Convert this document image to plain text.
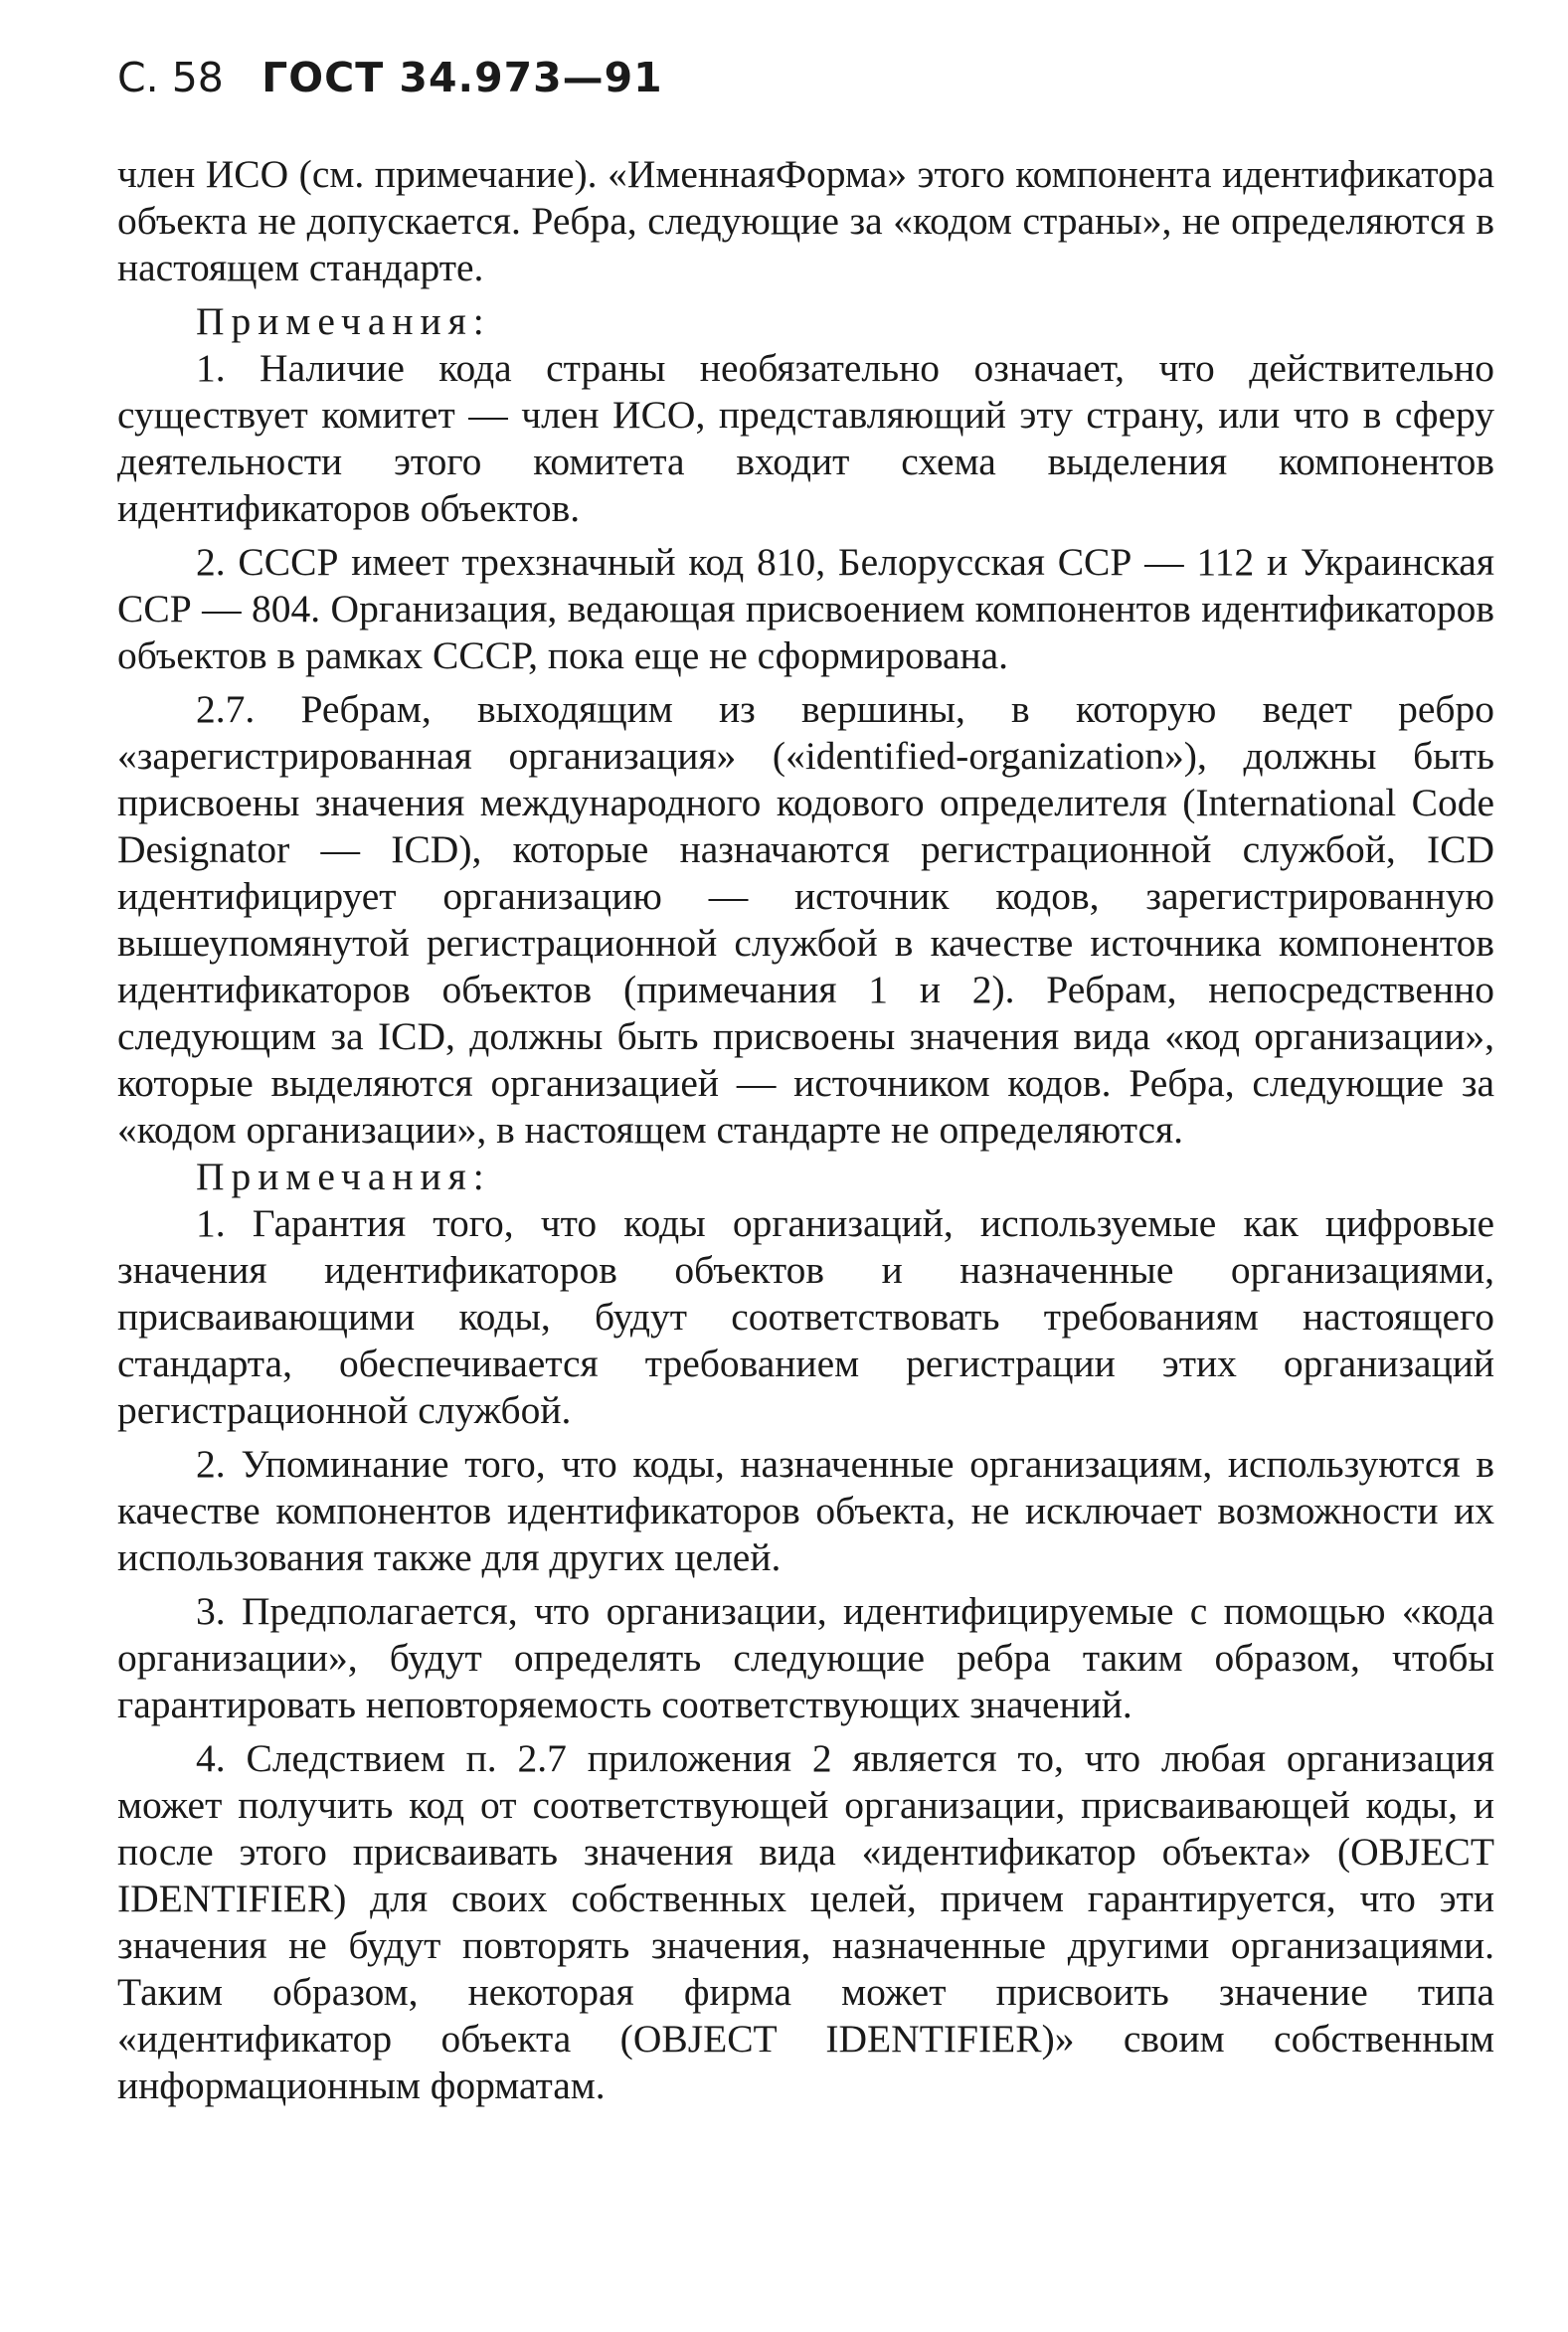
С. 58 ГОСТ 34.973—91

член ИСО (см. примечание). «ИменнаяФорма» этого компонента идентификатора объекта не допускается. Ребра, следующие за «кодом страны», не определяются в настоящем стандарте.

Примечания:

1. Наличие кода страны необязательно означает, что действительно существует комитет — член ИСО, представляющий эту страну, или что в сферу деятельности этого комитета входит схема выделения компонентов идентификаторов объектов.

2. СССР имеет трехзначный код 810, Белорусская ССР — 112 и Украинская ССР — 804. Организация, ведающая присвоением компонентов идентификаторов объектов в рамках СССР, пока еще не сформирована.

2.7. Ребрам, выходящим из вершины, в которую ведет ребро «зарегистрированная организация» («identified-organization»), должны быть присвоены значения международного кодового определителя (International Code Designator — ICD), которые назначаются регистрационной службой, ICD идентифицирует организацию — источник кодов, зарегистрированную вышеупомянутой регистрационной службой в качестве источника компонентов идентификаторов объектов (примечания 1 и 2). Ребрам, непосредственно следующим за ICD, должны быть присвоены значения вида «код организации», которые выделяются организацией — источником кодов. Ребра, следующие за «кодом организации», в настоящем стандарте не определяются.

Примечания:

1. Гарантия того, что коды организаций, используемые как цифровые значения идентификаторов объектов и назначенные организациями, присваивающими коды, будут соответствовать требованиям настоящего стандарта, обеспечивается требованием регистрации этих организаций регистрационной службой.

2. Упоминание того, что коды, назначенные организациям, используются в качестве компонентов идентификаторов объекта, не исключает возможности их использования также для других целей.

3. Предполагается, что организации, идентифицируемые с помощью «кода организации», будут определять следующие ребра таким образом, чтобы гарантировать неповторяемость соответствующих значений.

4. Следствием п. 2.7 приложения 2 является то, что любая организация может получить код от соответствующей организации, присваивающей коды, и после этого присваивать значения вида «идентификатор объекта» (OBJECT IDENTIFIER) для своих собственных целей, причем гарантируется, что эти значения не будут повторять значения, назначенные другими организациями. Таким образом, некоторая фирма может присвоить значение типа «идентификатор объекта (OBJECT IDENTIFIER)» своим собственным информационным форматам.
